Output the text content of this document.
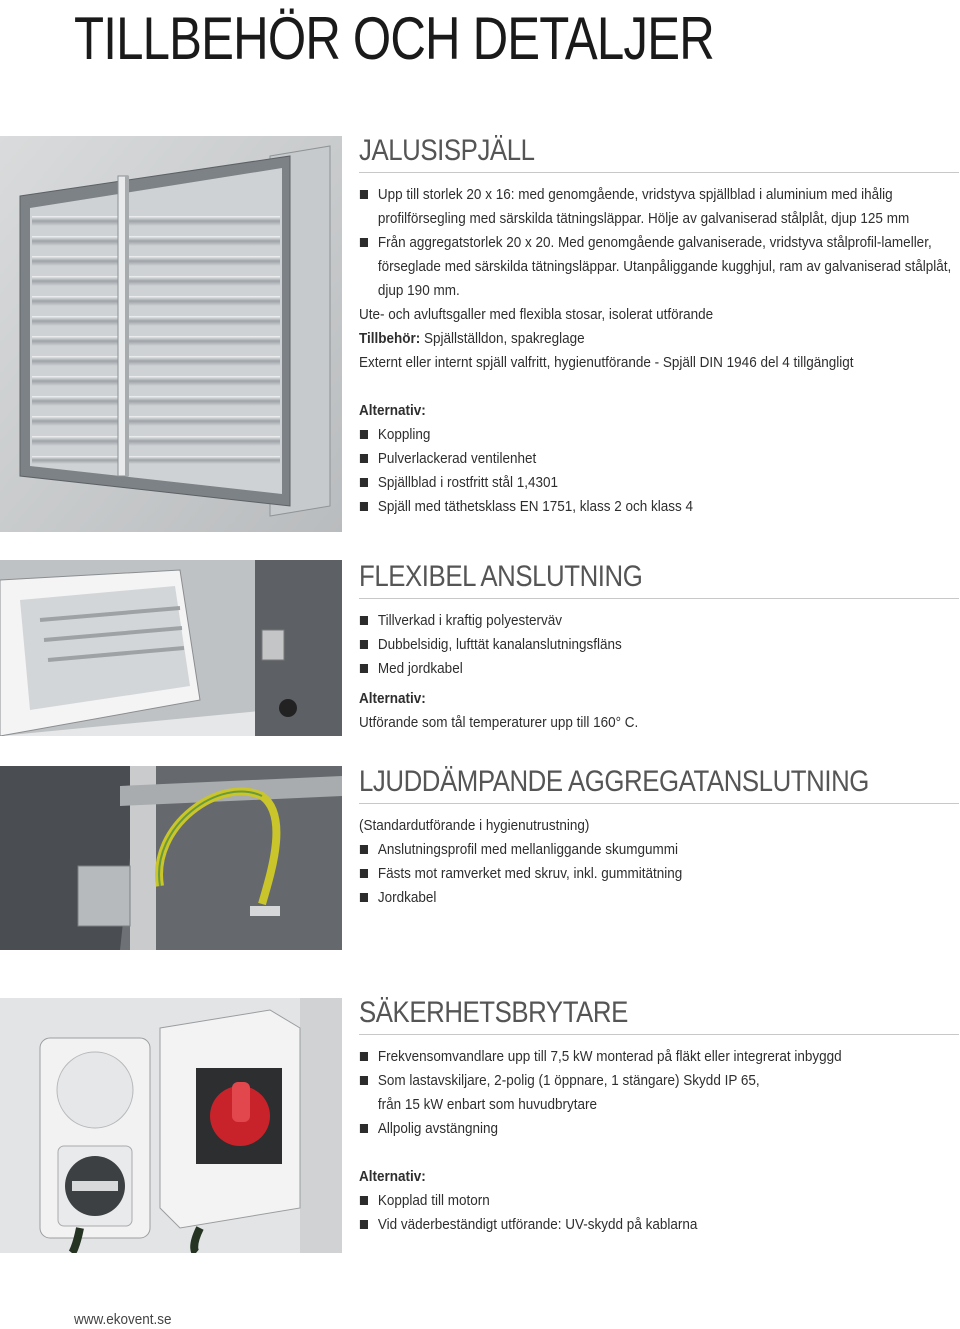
TILLBEHÖR OCH DETALJER
JALUSISPJÄLL
Upp till storlek 20 x 16: med genomgående, vridstyva spjällblad i aluminium med ihålig profilförsegling med särskilda tätningsläppar. Hölje av galvaniserad stålplåt, djup 125 mm
Från aggregatstorlek 20 x 20. Med genomgående galvaniserade, vridstyva stålprofil-lameller, förseglade med särskilda tätningsläppar. Utanpåliggande kugghjul, ram av galvaniserad stålplåt, djup 190 mm.

Ute- och avluftsgaller med flexibla stosar, isolerat utförande

Tillbehör: Spjällställdon, spakreglage

Externt eller internt spjäll valfritt, hygienutförande - Spjäll DIN 1946 del 4 tillgängligt

Alternativ:

Koppling
Pulverlackerad ventilenhet
Spjällblad i rostfritt stål 1,4301
Spjäll med täthetsklass EN 1751, klass 2 och klass 4
FLEXIBEL ANSLUTNING
Tillverkad i kraftig polyesterväv
Dubbelsidig, lufttät kanalanslutningsfläns
Med jordkabel

Alternativ:

Utförande som tål temperaturer upp till 160° C.

LJUDDÄMPANDE AGGREGATANSLUTNING

(Standardutförande i hygienutrustning)

Anslutningsprofil med mellanliggande skumgummi
Fästs mot ramverket med skruv, inkl. gummitätning
Jordkabel
SÄKERHETSBRYTARE
Frekvensomvandlare upp till 7,5 kW monterad på fläkt eller integrerat inbyggd
Som lastavskiljare, 2-polig (1 öppnare, 1 stängare) Skydd IP 65, från 15 kW enbart som huvudbrytare
Allpolig avstängning

Alternativ:

Kopplad till motorn
Vid väderbeständigt utförande: UV-skydd på kablarna
www.ekovent.se
